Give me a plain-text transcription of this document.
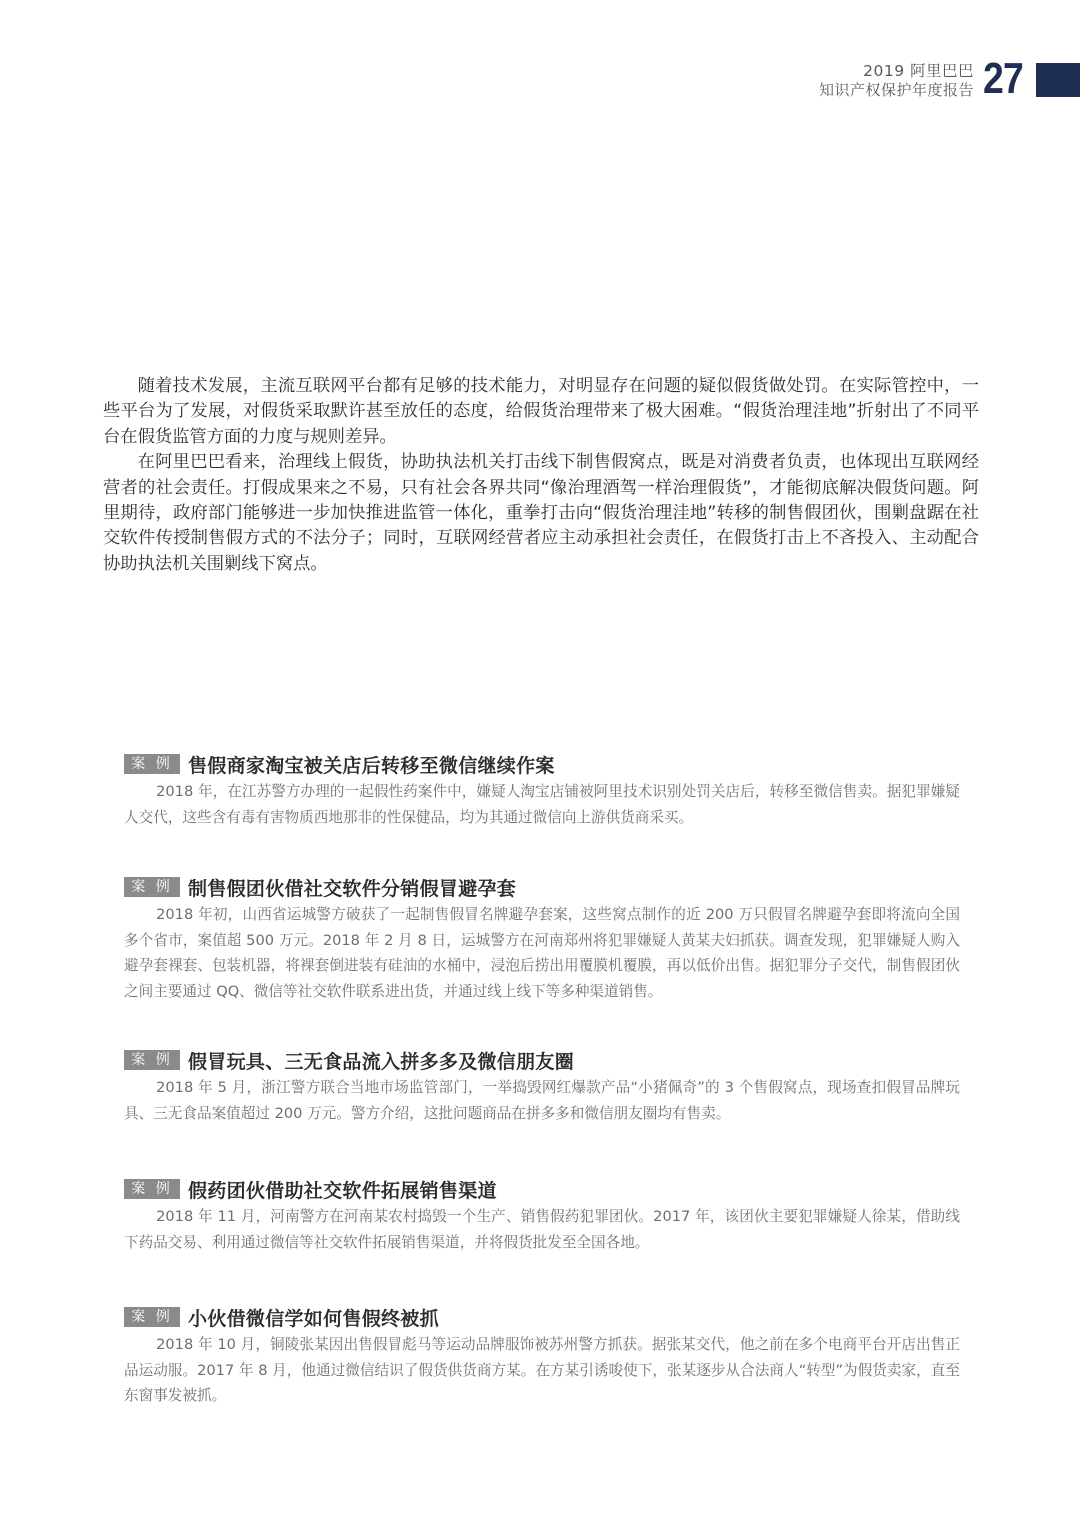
2019 阿里巴巴
知识产权保护年度报告 27

随着技术发展，主流互联网平台都有足够的技术能力，对明显存在问题的疑似假货做处罚。在实际管控中，一些平台为了发展，对假货采取默许甚至放任的态度，给假货治理带来了极大困难。“假货治理洼地”折射出了不同平台在假货监管方面的力度与规则差异。

在阿里巴巴看来，治理线上假货，协助执法机关打击线下制售假窝点，既是对消费者负责，也体现出互联网经营者的社会责任。打假成果来之不易，只有社会各界共同“像治理酒驾一样治理假货”，才能彻底解决假货问题。阿里期待，政府部门能够进一步加快推进监管一体化，重拳打击向“假货治理洼地”转移的制售假团伙，围剿盘踞在社交软件传授制售假方式的不法分子；同时，互联网经营者应主动承担社会责任，在假货打击上不吝投入、主动配合协助执法机关围剿线下窝点。

案 例 售假商家淘宝被关店后转移至微信继续作案

2018 年，在江苏警方办理的一起假性药案件中，嫌疑人淘宝店铺被阿里技术识别处罚关店后，转移至微信售卖。据犯罪嫌疑人交代，这些含有毒有害物质西地那非的性保健品，均为其通过微信向上游供货商采买。

案 例 制售假团伙借社交软件分销假冒避孕套

2018 年初，山西省运城警方破获了一起制售假冒名牌避孕套案，这些窝点制作的近 200 万只假冒名牌避孕套即将流向全国多个省市，案值超 500 万元。2018 年 2 月 8 日，运城警方在河南郑州将犯罪嫌疑人黄某夫妇抓获。调查发现，犯罪嫌疑人购入避孕套裸套、包装机器，将裸套倒进装有硅油的水桶中，浸泡后捞出用覆膜机覆膜，再以低价出售。据犯罪分子交代，制售假团伙之间主要通过 QQ、微信等社交软件联系进出货，并通过线上线下等多种渠道销售。

案 例 假冒玩具、三无食品流入拼多多及微信朋友圈

2018 年 5 月，浙江警方联合当地市场监管部门，一举捣毁网红爆款产品“小猪佩奇”的 3 个售假窝点，现场查扣假冒品牌玩具、三无食品案值超过 200 万元。警方介绍，这批问题商品在拼多多和微信朋友圈均有售卖。

案 例 假药团伙借助社交软件拓展销售渠道

2018 年 11 月，河南警方在河南某农村捣毁一个生产、销售假药犯罪团伙。2017 年，该团伙主要犯罪嫌疑人徐某，借助线下药品交易、利用通过微信等社交软件拓展销售渠道，并将假货批发至全国各地。

案 例 小伙借微信学如何售假终被抓

2018 年 10 月，铜陵张某因出售假冒彪马等运动品牌服饰被苏州警方抓获。据张某交代，他之前在多个电商平台开店出售正品运动服。2017 年 8 月，他通过微信结识了假货供货商方某。在方某引诱唆使下，张某逐步从合法商人“转型”为假货卖家，直至东窗事发被抓。
